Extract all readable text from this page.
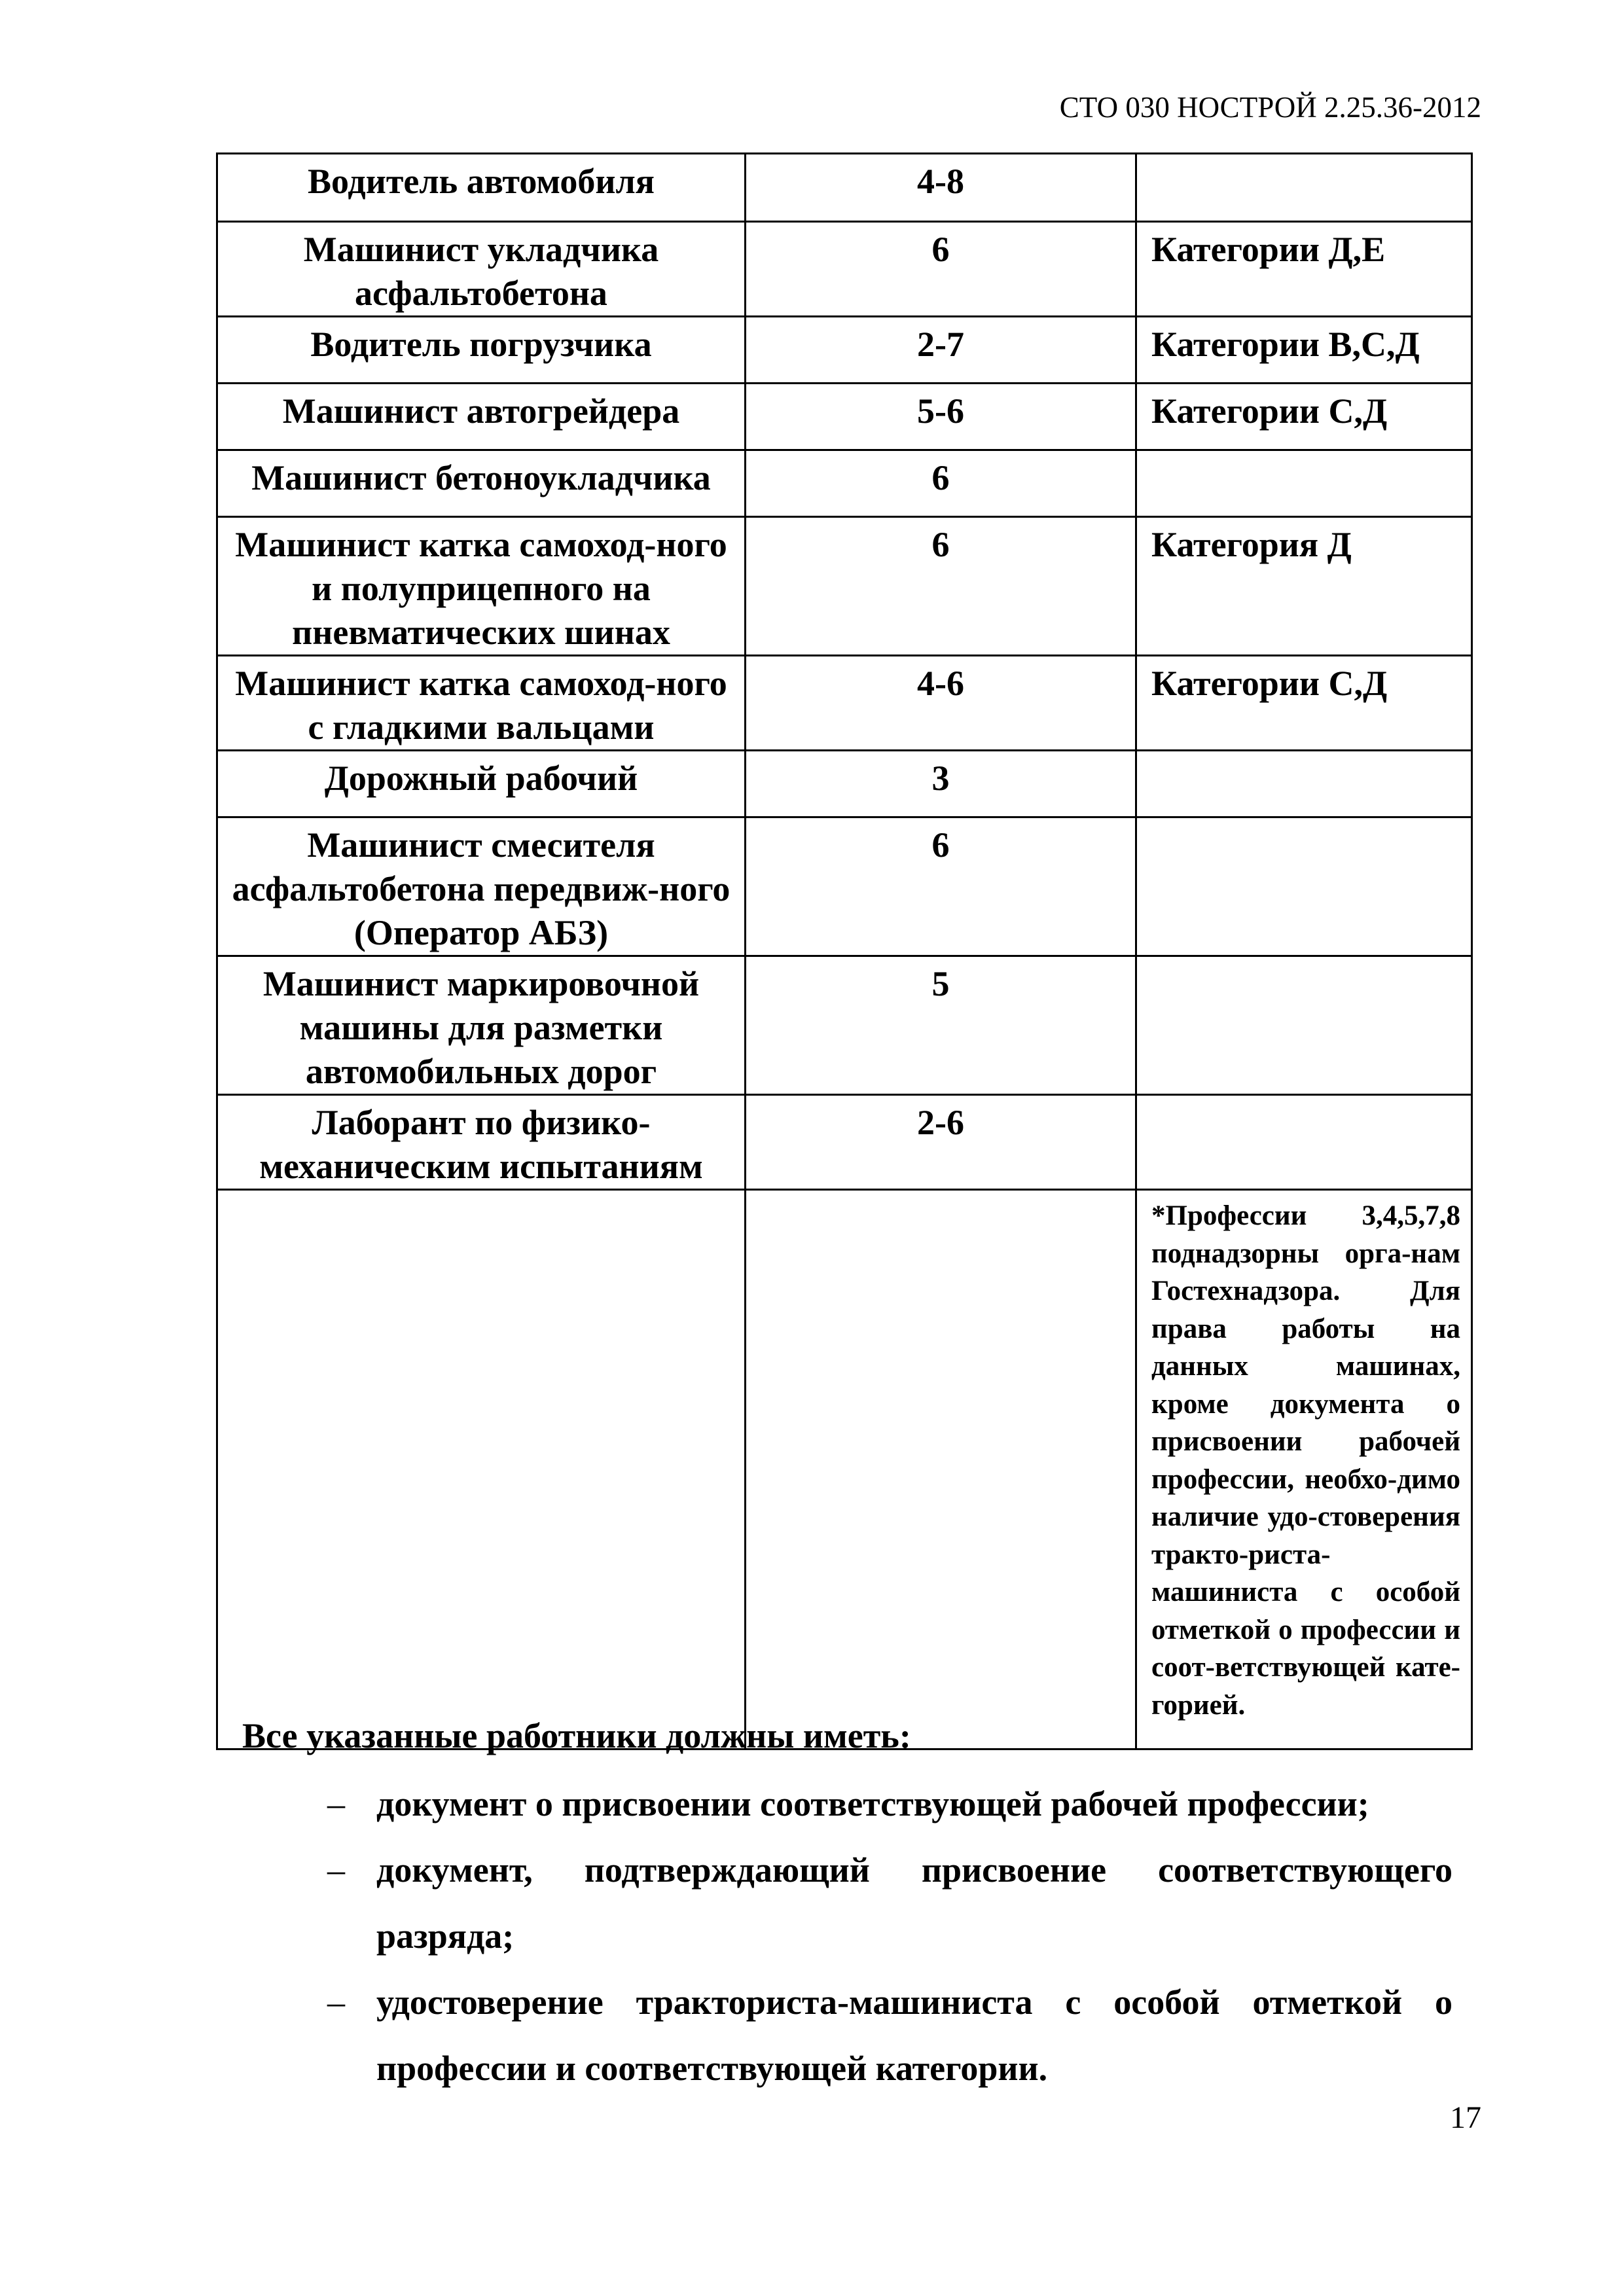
СТО 030 НОСТРОЙ 2.25.36-2012
Водитель автомобиля	4-8	
Машинист укладчика асфальтобетона	6	Категории Д,Е
Водитель погрузчика	2-7	Категории В,С,Д
Машинист автогрейдера	5-6	Категории С,Д
Машинист бетоноукладчика	6	
Машинист катка самоход-ного и полуприцепного на пневматических шинах	6	Категория Д
Машинист катка самоход-ного с гладкими вальцами	4-6	Категории С,Д
Дорожный рабочий	3	
Машинист смесителя асфальтобетона передвиж-ного (Оператор АБЗ)	6	
Машинист маркировочной машины для разметки автомобильных дорог	5	
Лаборант по физико-механическим испытаниям	2-6	
		*Профессии 3,4,5,7,8 поднадзорны орга-нам Гостехнадзора. Для права работы на данных машинах, кроме документа о присвоении рабочей профессии, необхо-димо наличие удо-стоверения тракто-риста-машиниста с особой отметкой о профессии и соот-ветствующей кате-горией.

Все указанные работники должны иметь:

– документ о присвоении соответствующей рабочей профессии;
– документ, подтверждающий присвоение соответствующего разряда;
– удостоверение тракториста-машиниста с особой отметкой о профессии и соответствующей категории.
17
